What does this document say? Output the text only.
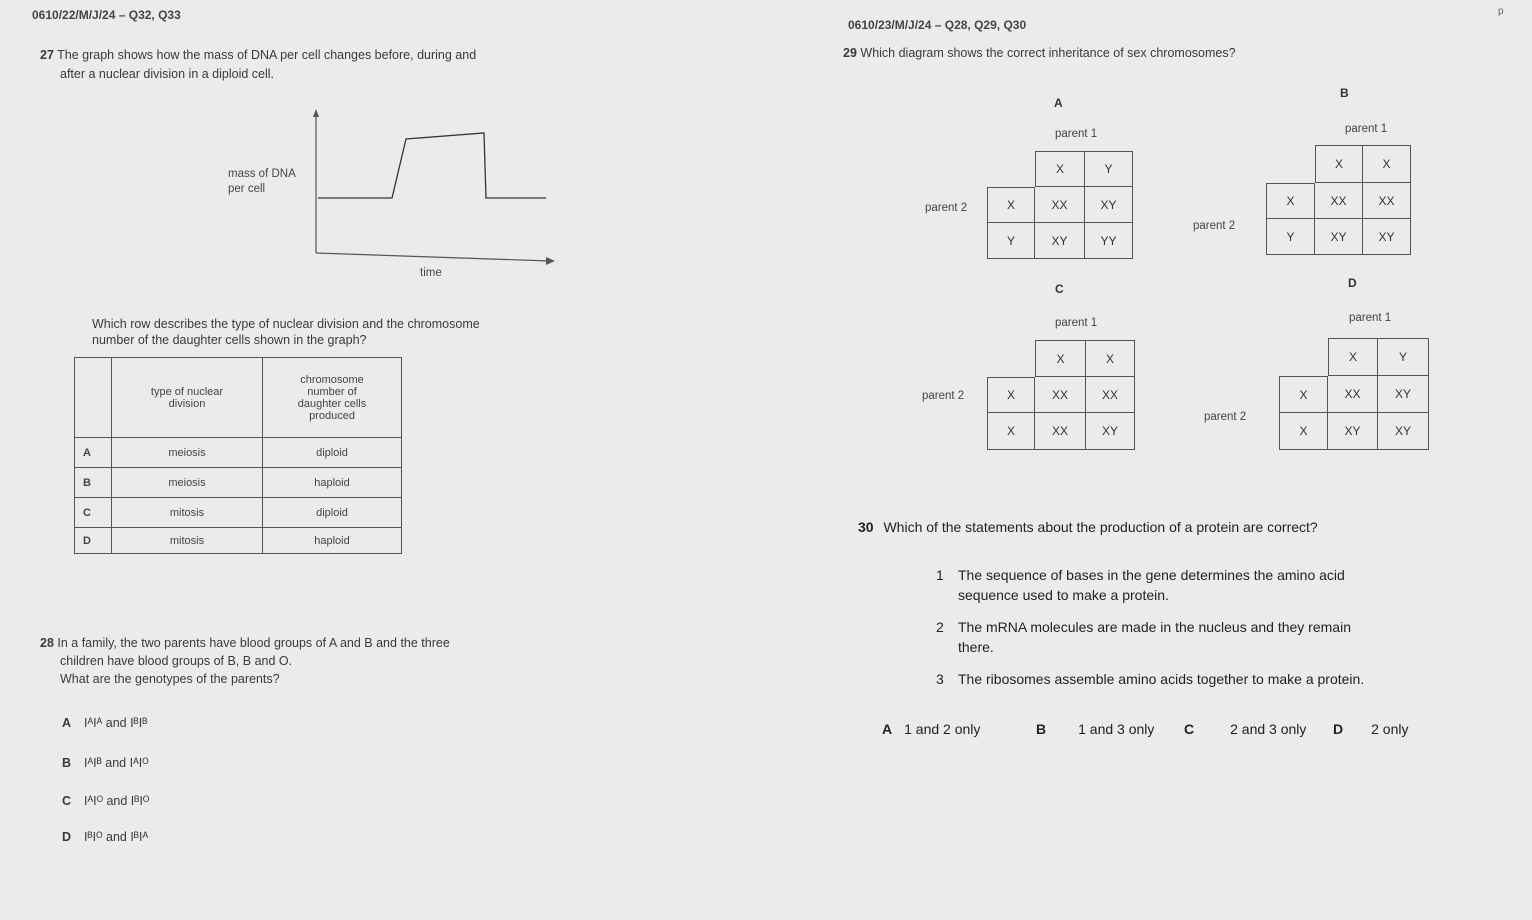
0610/22/M/J/24 – Q32, Q33
27 The graph shows how the mass of DNA per cell changes before, during and
after a nuclear division in a diploid cell.
mass of DNA
per cell
time
Which row describes the type of nuclear division and the chromosome
number of the daughter cells shown in the graph?
	type of nuclear
division	chromosome
number of
daughter cells
produced
A	meiosis	diploid
B	meiosis	haploid
C	mitosis	diploid
D	mitosis	haploid
28 In a family, the two parents have blood groups of A and B and the three
children have blood groups of B, B and O.
What are the genotypes of the parents?
A IᴬIᴬ and IᴮIᴮ
B IᴬIᴮ and IᴬIᴼ
C IᴬIᴼ and IᴮIᴼ
D IᴮIᴼ and IᴮIᴬ
0610/23/M/J/24 – Q28, Q29, Q30
p
29 Which diagram shows the correct inheritance of sex chromosomes?
A
parent 1
parent 2
X	Y
X	XX	XY
Y	XY	YY
B
parent 1
parent 2
X	X
X	XX	XX
Y	XY	XY
C
parent 1
parent 2
X	X
X	XX	XX
X	XX	XY
D
parent 1
parent 2
X	Y
X	XX	XY
X	XY	XY
30 Which of the statements about the production of a protein are correct?
1 The sequence of bases in the gene determines the amino acid
sequence used to make a protein.
2 The mRNA molecules are made in the nucleus and they remain
there.
3 The ribosomes assemble amino acids together to make a protein.
A 1 and 2 only	B 1 and 3 only C	2 and 3 only D 2 only
